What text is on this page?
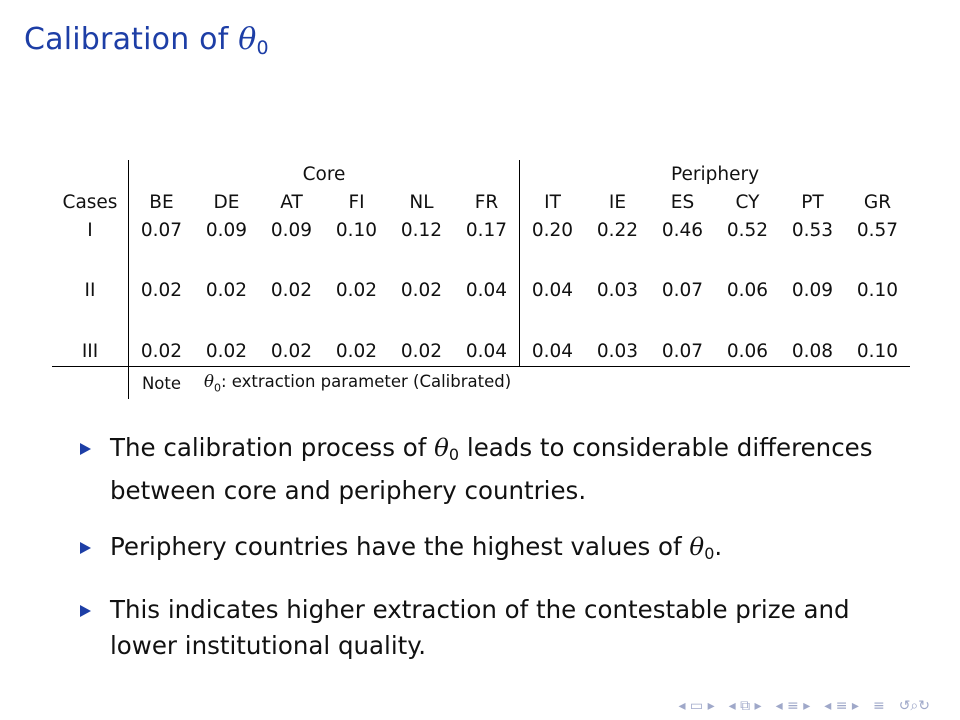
Calibration of $\theta_0$
	Core						Periphery					
Cases	BE	DE	AT	FI	NL	FR	IT	IE	ES	CY	PT	GR
I	0.07	0.09	0.09	0.10	0.12	0.17	0.20	0.22	0.46	0.52	0.53	0.57
II	0.02	0.02	0.02	0.02	0.02	0.04	0.04	0.03	0.07	0.06	0.09	0.10
III	0.02	0.02	0.02	0.02	0.02	0.04	0.04	0.03	0.07	0.06	0.08	0.10
	Note	$\theta_0$: extraction parameter (Calibrated)										
The calibration process of $\theta_0$ leads to considerable differences between core and periphery countries.
Periphery countries have the highest values of $\theta_0$.
This indicates higher extraction of the contestable prize and lower institutional quality.
◂ ▭ ▸ ◂ ⧉ ▸ ◂ ≡ ▸ ◂ ≡ ▸ ≡ ↺⌕↻
